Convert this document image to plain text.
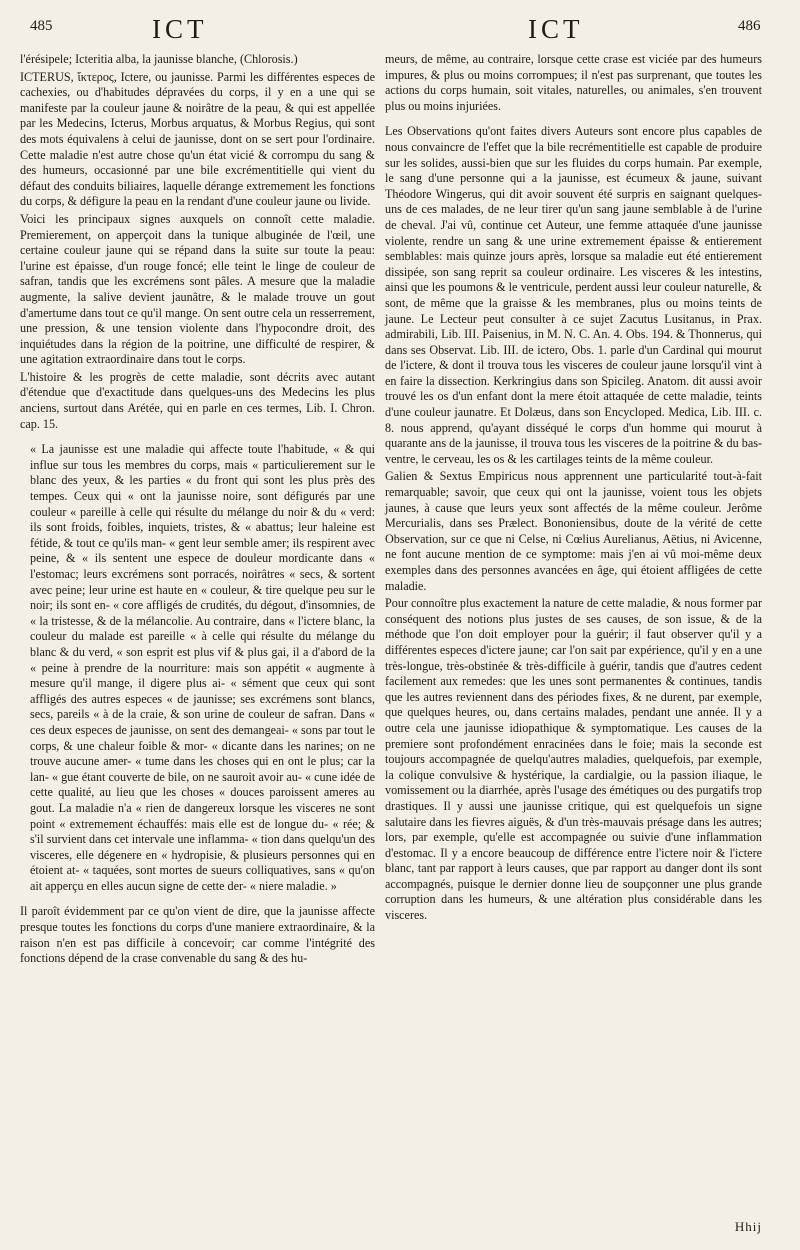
485	ICT	ICT	486

l'érésipele; Icteritia alba, la jaunisse blanche, (Chlorosis.)

ICTERUS, ἴκτερος, Ictere, ou jaunisse. Parmi les différentes especes de cachexies, ou d'habitudes dépravées du corps, il y en a une qui se manifeste par la couleur jaune & noirâtre de la peau, & qui est appellée par les Medecins, Icterus, Morbus arquatus, & Morbus Regius, qui sont des mots équivalens à celui de jaunisse, dont on se sert pour l'ordinaire. Cette maladie n'est autre chose qu'un état vicié & corrompu du sang & des humeurs, occasionné par une bile excrémentitielle qui vient du défaut des conduits biliaires, laquelle dérange extremement les fonctions du corps, & défigure la peau en la rendant d'une couleur jaune ou livide.

Voici les principaux signes auxquels on connoît cette maladie. Premierement, on apperçoit dans la tunique albuginée de l'œil, une certaine couleur jaune qui se répand dans la suite sur toute la peau: l'urine est épaisse, d'un rouge foncé; elle teint le linge de couleur de safran, tandis que les excrémens sont pâles. A mesure que la maladie augmente, la salive devient jaunâtre, & le malade trouve un gout d'amertume dans tout ce qu'il mange. On sent outre cela un resserrement, une pression, & une tension violente dans l'hypocondre droit, des inquiétudes dans la région de la poitrine, une difficulté de respirer, & une agitation extraordinaire dans tout le corps.

L'histoire & les progrès de cette maladie, sont décrits avec autant d'étendue que d'exactitude dans quelques-uns des Medecins les plus anciens, surtout dans Arétée, qui en parle en ces termes, Lib. I. Chron. cap. 15.

« La jaunisse est une maladie qui affecte toute l'habitude, « & qui influe sur tous les membres du corps, mais « particulierement sur le blanc des yeux, & les parties « du front qui sont les plus près des tempes. Ceux qui « ont la jaunisse noire, sont défigurés par une couleur « pareille à celle qui résulte du mélange du noir & du « verd: ils sont froids, foibles, inquiets, tristes, & « abattus; leur haleine est fétide, & tout ce qu'ils man- « gent leur semble amer; ils respirent avec peine, & « ils sentent une espece de douleur mordicante dans « l'estomac; leurs excrémens sont porracés, noirâtres « secs, & sortent avec peine; leur urine est haute en « couleur, & tire quelque peu sur le noir; ils sont en- « core affligés de crudités, du dégout, d'insomnies, de « la tristesse, & de la mélancolie. Au contraire, dans « l'ictere blanc, la couleur du malade est pareille « à celle qui résulte du mélange du blanc & du verd, « son esprit est plus vif & plus gai, il a d'abord de la « peine à prendre de la nourriture: mais son appétit « augmente à mesure qu'il mange, il digere plus ai- « sément que ceux qui sont affligés des autres especes « de jaunisse; ses excrémens sont blancs, secs, pareils « à de la craie, & son urine de couleur de safran. Dans « ces deux especes de jaunisse, on sent des demangeai- « sons par tout le corps, & une chaleur foible & mor- « dicante dans les narines; on ne trouve aucune amer- « tume dans les choses qui en ont le plus; car la lan- « gue étant couverte de bile, on ne sauroit avoir au- « cune idée de cette qualité, au lieu que les choses « douces paroissent ameres au gout. La maladie n'a « rien de dangereux lorsque les visceres ne sont point « extremement échauffés: mais elle est de longue du- « rée; & s'il survient dans cet intervale une inflamma- « tion dans quelqu'un des visceres, elle dégenere en « hydropisie, & plusieurs personnes qui en étoient at- « taquées, sont mortes de sueurs colliquatives, sans « qu'on ait apperçu en elles aucun signe de cette der- « niere maladie. »

Il paroît évidemment par ce qu'on vient de dire, que la jaunisse affecte presque toutes les fonctions du corps d'une maniere extraordinaire, & la raison n'en est pas difficile à concevoir; car comme l'intégrité des fonctions dépend de la crase convenable du sang & des hu-

meurs, de même, au contraire, lorsque cette crase est viciée par des humeurs impures, & plus ou moins corrompues; il n'est pas surprenant, que toutes les actions du corps humain, soit vitales, naturelles, ou animales, s'en trouvent plus ou moins injuriées.

Les Observations qu'ont faites divers Auteurs sont encore plus capables de nous convaincre de l'effet que la bile recrémentitielle est capable de produire sur les solides, aussi-bien que sur les fluides du corps humain. Par exemple, le sang d'une personne qui a la jaunisse, est écumeux & jaune, suivant Théodore Wingerus, qui dit avoir souvent été surpris en saignant quelques-uns de ces malades, de ne leur tirer qu'un sang jaune semblable à de l'urine de cheval. J'ai vû, continue cet Auteur, une femme attaquée d'une jaunisse violente, rendre un sang & une urine extremement épaisse & entierement semblables: mais quinze jours après, lorsque sa maladie eut été entierement dissipée, son sang reprit sa couleur ordinaire. Les visceres & les intestins, ainsi que les poumons & le ventricule, perdent aussi leur couleur naturelle, & sont, de même que la graisse & les membranes, plus ou moins teints de jaune. Le Lecteur peut consulter à ce sujet Zacutus Lusitanus, in Prax. admirabili, Lib. III. Paisenius, in M. N. C. An. 4. Obs. 194. & Thonnerus, qui dans ses Observat. Lib. III. de ictero, Obs. 1. parle d'un Cardinal qui mourut de l'ictere, & dont il trouva tous les visceres de couleur jaune lorsqu'il vint à en faire la dissection. Kerkringius dans son Spicileg. Anatom. dit aussi avoir trouvé les os d'un enfant dont la mere étoit attaquée de cette maladie, teints d'une couleur jaunatre. Et Dolæus, dans son Encycloped. Medica, Lib. III. c. 8. nous apprend, qu'ayant disséqué le corps d'un homme qui mourut à quarante ans de la jaunisse, il trouva tous les visceres de la poitrine & du bas-ventre, le cerveau, les os & les cartilages teints de la même couleur.

Galien & Sextus Empiricus nous apprennent une particularité tout-à-fait remarquable; savoir, que ceux qui ont la jaunisse, voient tous les objets jaunes, à cause que leurs yeux sont affectés de la même couleur. Jerôme Mercurialis, dans ses Prælect. Bononiensibus, doute de la vérité de cette Observation, sur ce que ni Celse, ni Cœlius Aurelianus, Aëtius, ni Avicenne, ne font aucune mention de ce symptome: mais j'en ai vû moi-même deux exemples dans des personnes avancées en âge, qui étoient affligées de cette maladie.

Pour connoître plus exactement la nature de cette maladie, & nous former par conséquent des notions plus justes de ses causes, de son issue, & de la méthode que l'on doit employer pour la guérir; il faut observer qu'il y a différentes especes d'ictere jaune; car l'on sait par expérience, qu'il y en a une très-longue, très-obstinée & très-difficile à guérir, tandis que d'autres cedent facilement aux remedes: que les unes sont permanentes & continues, tandis que les autres reviennent dans des périodes fixes, & ne durent, par exemple, que quelques heures, ou, dans certains malades, pendant une année. Il y a outre cela une jaunisse idiopathique & symptomatique. Les causes de la premiere sont profondément enracinées dans le foie; mais la seconde est toujours accompagnée de quelqu'autres maladies, quelquefois, par exemple, la colique convulsive & hystérique, la cardialgie, ou la passion iliaque, le vomissement ou la diarrhée, après l'usage des émétiques ou des purgatifs trop drastiques. Il y aussi une jaunisse critique, qui est quelquefois un signe salutaire dans les fievres aiguës, & d'un très-mauvais présage dans les autres; lors, par exemple, qu'elle est accompagnée ou suivie d'une inflammation d'estomac. Il y a encore beaucoup de différence entre l'ictere noir & l'ictere blanc, tant par rapport à leurs causes, que par rapport au danger dont ils sont accompagnés, puisque le dernier donne lieu de soupçonner une plus grande corruption dans les humeurs, & une altération plus considérable dans les visceres.

Hhij
